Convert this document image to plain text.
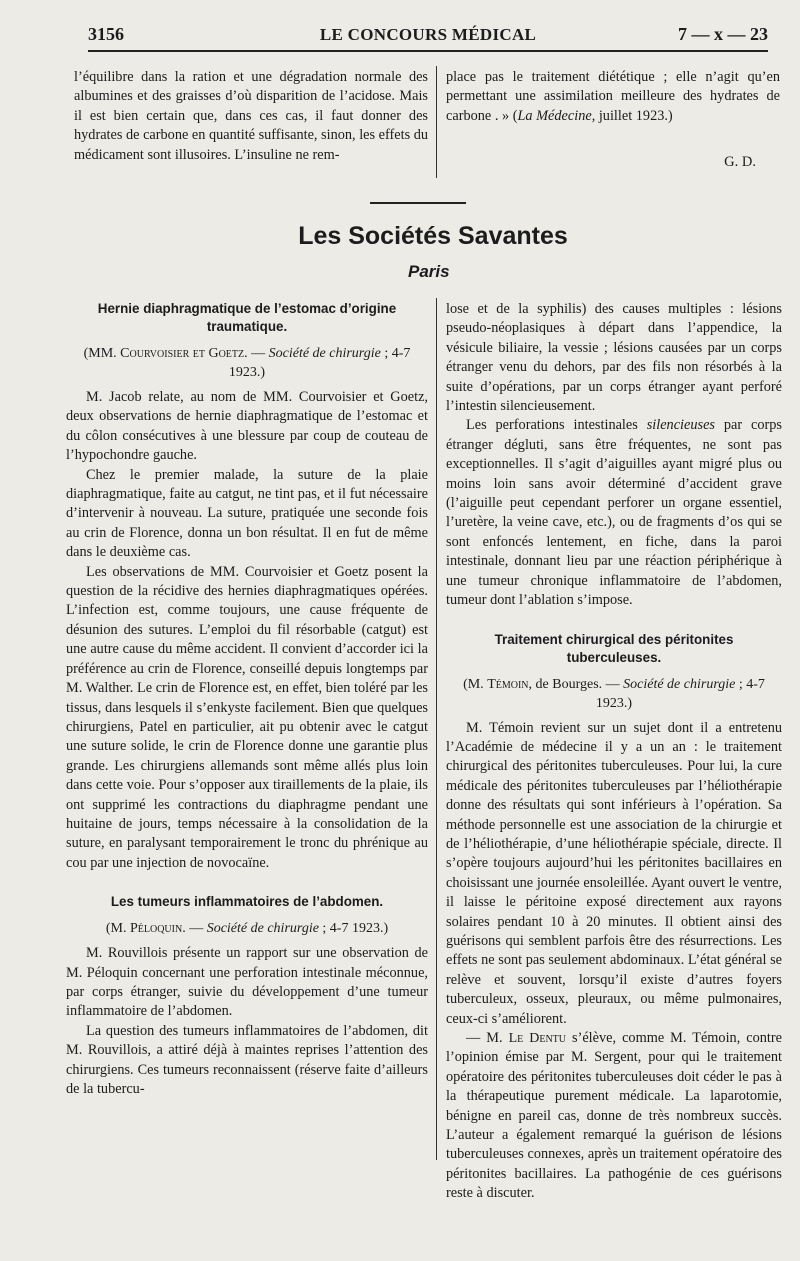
3156	LE CONCOURS MÉDICAL	7 — x — 23

l’équilibre dans la ration et une dégradation normale des albumines et des graisses d’où disparition de l’acidose. Mais il est bien certain que, dans ces cas, il faut donner des hydrates de carbone en quantité suffisante, sinon, les effets du médicament sont illusoires. L’insuline ne rem-

place pas le traitement diététique ; elle n’agit qu’en permettant une assimilation meilleure des hydrates de carbone . » (La Médecine, juillet 1923.)

G. D.
Les Sociétés Savantes
Paris
Hernie diaphragmatique de l’estomac d’origine traumatique.
(MM. Courvoisier et Goetz. — Société de chirurgie ; 4-7 1923.)

M. Jacob relate, au nom de MM. Courvoisier et Goetz, deux observations de hernie diaphragmatique de l’estomac et du côlon consécutives à une blessure par coup de couteau de l’hypochondre gauche.

Chez le premier malade, la suture de la plaie diaphragmatique, faite au catgut, ne tint pas, et il fut nécessaire d’intervenir à nouveau. La suture, pratiquée une seconde fois au crin de Florence, donna un bon résultat. Il en fut de même dans le deuxième cas.

Les observations de MM. Courvoisier et Goetz posent la question de la récidive des hernies diaphragmatiques opérées. L’infection est, comme toujours, une cause fréquente de désunion des sutures. L’emploi du fil résorbable (catgut) est une autre cause du même accident. Il convient d’accorder ici la préférence au crin de Florence, conseillé depuis longtemps par M. Walther. Le crin de Florence est, en effet, bien toléré par les tissus, dans lesquels il s’enkyste facilement. Bien que quelques chirurgiens, Patel en particulier, ait pu obtenir avec le catgut une suture solide, le crin de Florence donne une garantie plus grande. Les chirurgiens allemands sont même allés plus loin dans cette voie. Pour s’opposer aux tiraillements de la plaie, ils ont supprimé les contractions du diaphragme pendant une huitaine de jours, temps nécessaire à la consolidation de la suture, en paralysant temporairement le tronc du phrénique au cou par une injection de novocaïne.

Les tumeurs inflammatoires de l’abdomen.
(M. Péloquin. — Société de chirurgie ; 4-7 1923.)

M. Rouvillois présente un rapport sur une observation de M. Péloquin concernant une perforation intestinale méconnue, par corps étranger, suivie du développement d’une tumeur inflammatoire de l’abdomen.

La question des tumeurs inflammatoires de l’abdomen, dit M. Rouvillois, a attiré déjà à maintes reprises l’attention des chirurgiens. Ces tumeurs reconnaissent (réserve faite d’ailleurs de la tubercu-

lose et de la syphilis) des causes multiples : lésions pseudo-néoplasiques à départ dans l’appendice, la vésicule biliaire, la vessie ; lésions causées par un corps étranger venu du dehors, par des fils non résorbés à la suite d’opérations, par un corps étranger ayant perforé l’intestin silencieusement.

Les perforations intestinales silencieuses par corps étranger dégluti, sans être fréquentes, ne sont pas exceptionnelles. Il s’agit d’aiguilles ayant migré plus ou moins loin sans avoir déterminé d’accident grave (l’aiguille peut cependant perforer un organe essentiel, l’uretère, la veine cave, etc.), ou de fragments d’os qui se sont enfoncés lentement, en fiche, dans la paroi intestinale, donnant lieu par une réaction périphérique à une tumeur chronique inflammatoire de l’abdomen, tumeur dont l’ablation s’impose.

Traitement chirurgical des péritonites tuberculeuses.
(M. Témoin, de Bourges. — Société de chirurgie ; 4-7 1923.)

M. Témoin revient sur un sujet dont il a entretenu l’Académie de médecine il y a un an : le traitement chirurgical des péritonites tuberculeuses. Pour lui, la cure médicale des péritonites tuberculeuses par l’héliothérapie donne des résultats qui sont inférieurs à l’opération. Sa méthode personnelle est une association de la chirurgie et de l’héliothérapie, d’une héliothérapie spéciale, directe. Il s’opère toujours aujourd’hui les péritonites bacillaires en choisissant une journée ensoleillée. Ayant ouvert le ventre, il laisse le péritoine exposé directement aux rayons solaires pendant 10 à 20 minutes. Il obtient ainsi des guérisons qui semblent parfois être des résurrections. Les effets ne sont pas seulement abdominaux. L’état général se relève et souvent, lorsqu’il existe d’autres foyers tuberculeux, osseux, pleuraux, ou même pulmonaires, ceux-ci s’améliorent.

— M. Le Dentu s’élève, comme M. Témoin, contre l’opinion émise par M. Sergent, pour qui le traitement opératoire des péritonites tuberculeuses doit céder le pas à la thérapeutique purement médicale. La laparotomie, bénigne en pareil cas, donne de très nombreux succès. L’auteur a également remarqué la guérison de lésions tuberculeuses connexes, après un traitement opératoire des péritonites bacillaires. La pathogénie de ces guérisons reste à discuter.
